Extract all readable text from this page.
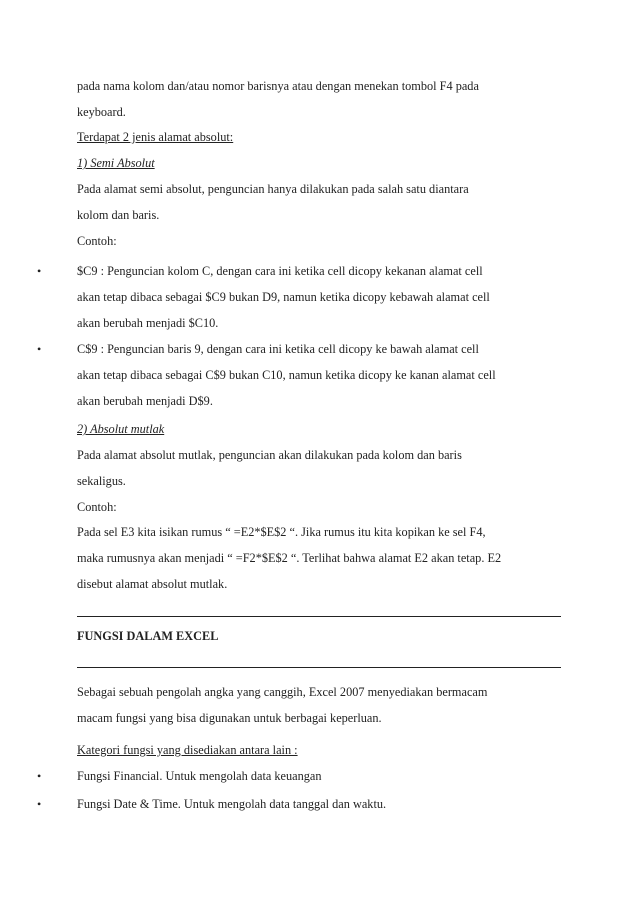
pada nama kolom dan/atau nomor barisnya atau dengan menekan tombol F4 pada
keyboard.
Terdapat 2 jenis alamat absolut:
1) Semi Absolut
Pada alamat semi absolut, penguncian hanya dilakukan pada salah satu diantara
kolom dan baris.
Contoh:
•	$C9 : Penguncian kolom C, dengan cara ini ketika cell dicopy kekanan alamat cell
akan tetap dibaca sebagai $C9 bukan D9, namun ketika dicopy kebawah alamat cell
akan berubah menjadi $C10.
•	C$9 : Penguncian baris 9, dengan cara ini ketika cell dicopy ke bawah alamat cell
akan tetap dibaca sebagai C$9 bukan C10, namun ketika dicopy ke kanan alamat cell
akan berubah menjadi D$9.
2) Absolut mutlak
Pada alamat absolut mutlak, penguncian akan dilakukan pada kolom dan baris
sekaligus.
Contoh:
Pada sel E3 kita isikan rumus “ =E2*$E$2 “. Jika rumus itu kita kopikan ke sel F4,
maka rumusnya akan menjadi “ =F2*$E$2 “. Terlihat bahwa alamat E2 akan tetap. E2
disebut alamat absolut mutlak.
FUNGSI DALAM EXCEL
Sebagai sebuah pengolah angka yang canggih, Excel 2007 menyediakan bermacam
macam fungsi yang bisa digunakan untuk berbagai keperluan.
Kategori fungsi yang disediakan antara lain :
•	Fungsi Financial. Untuk mengolah data keuangan
•	Fungsi Date & Time. Untuk mengolah data tanggal dan waktu.
